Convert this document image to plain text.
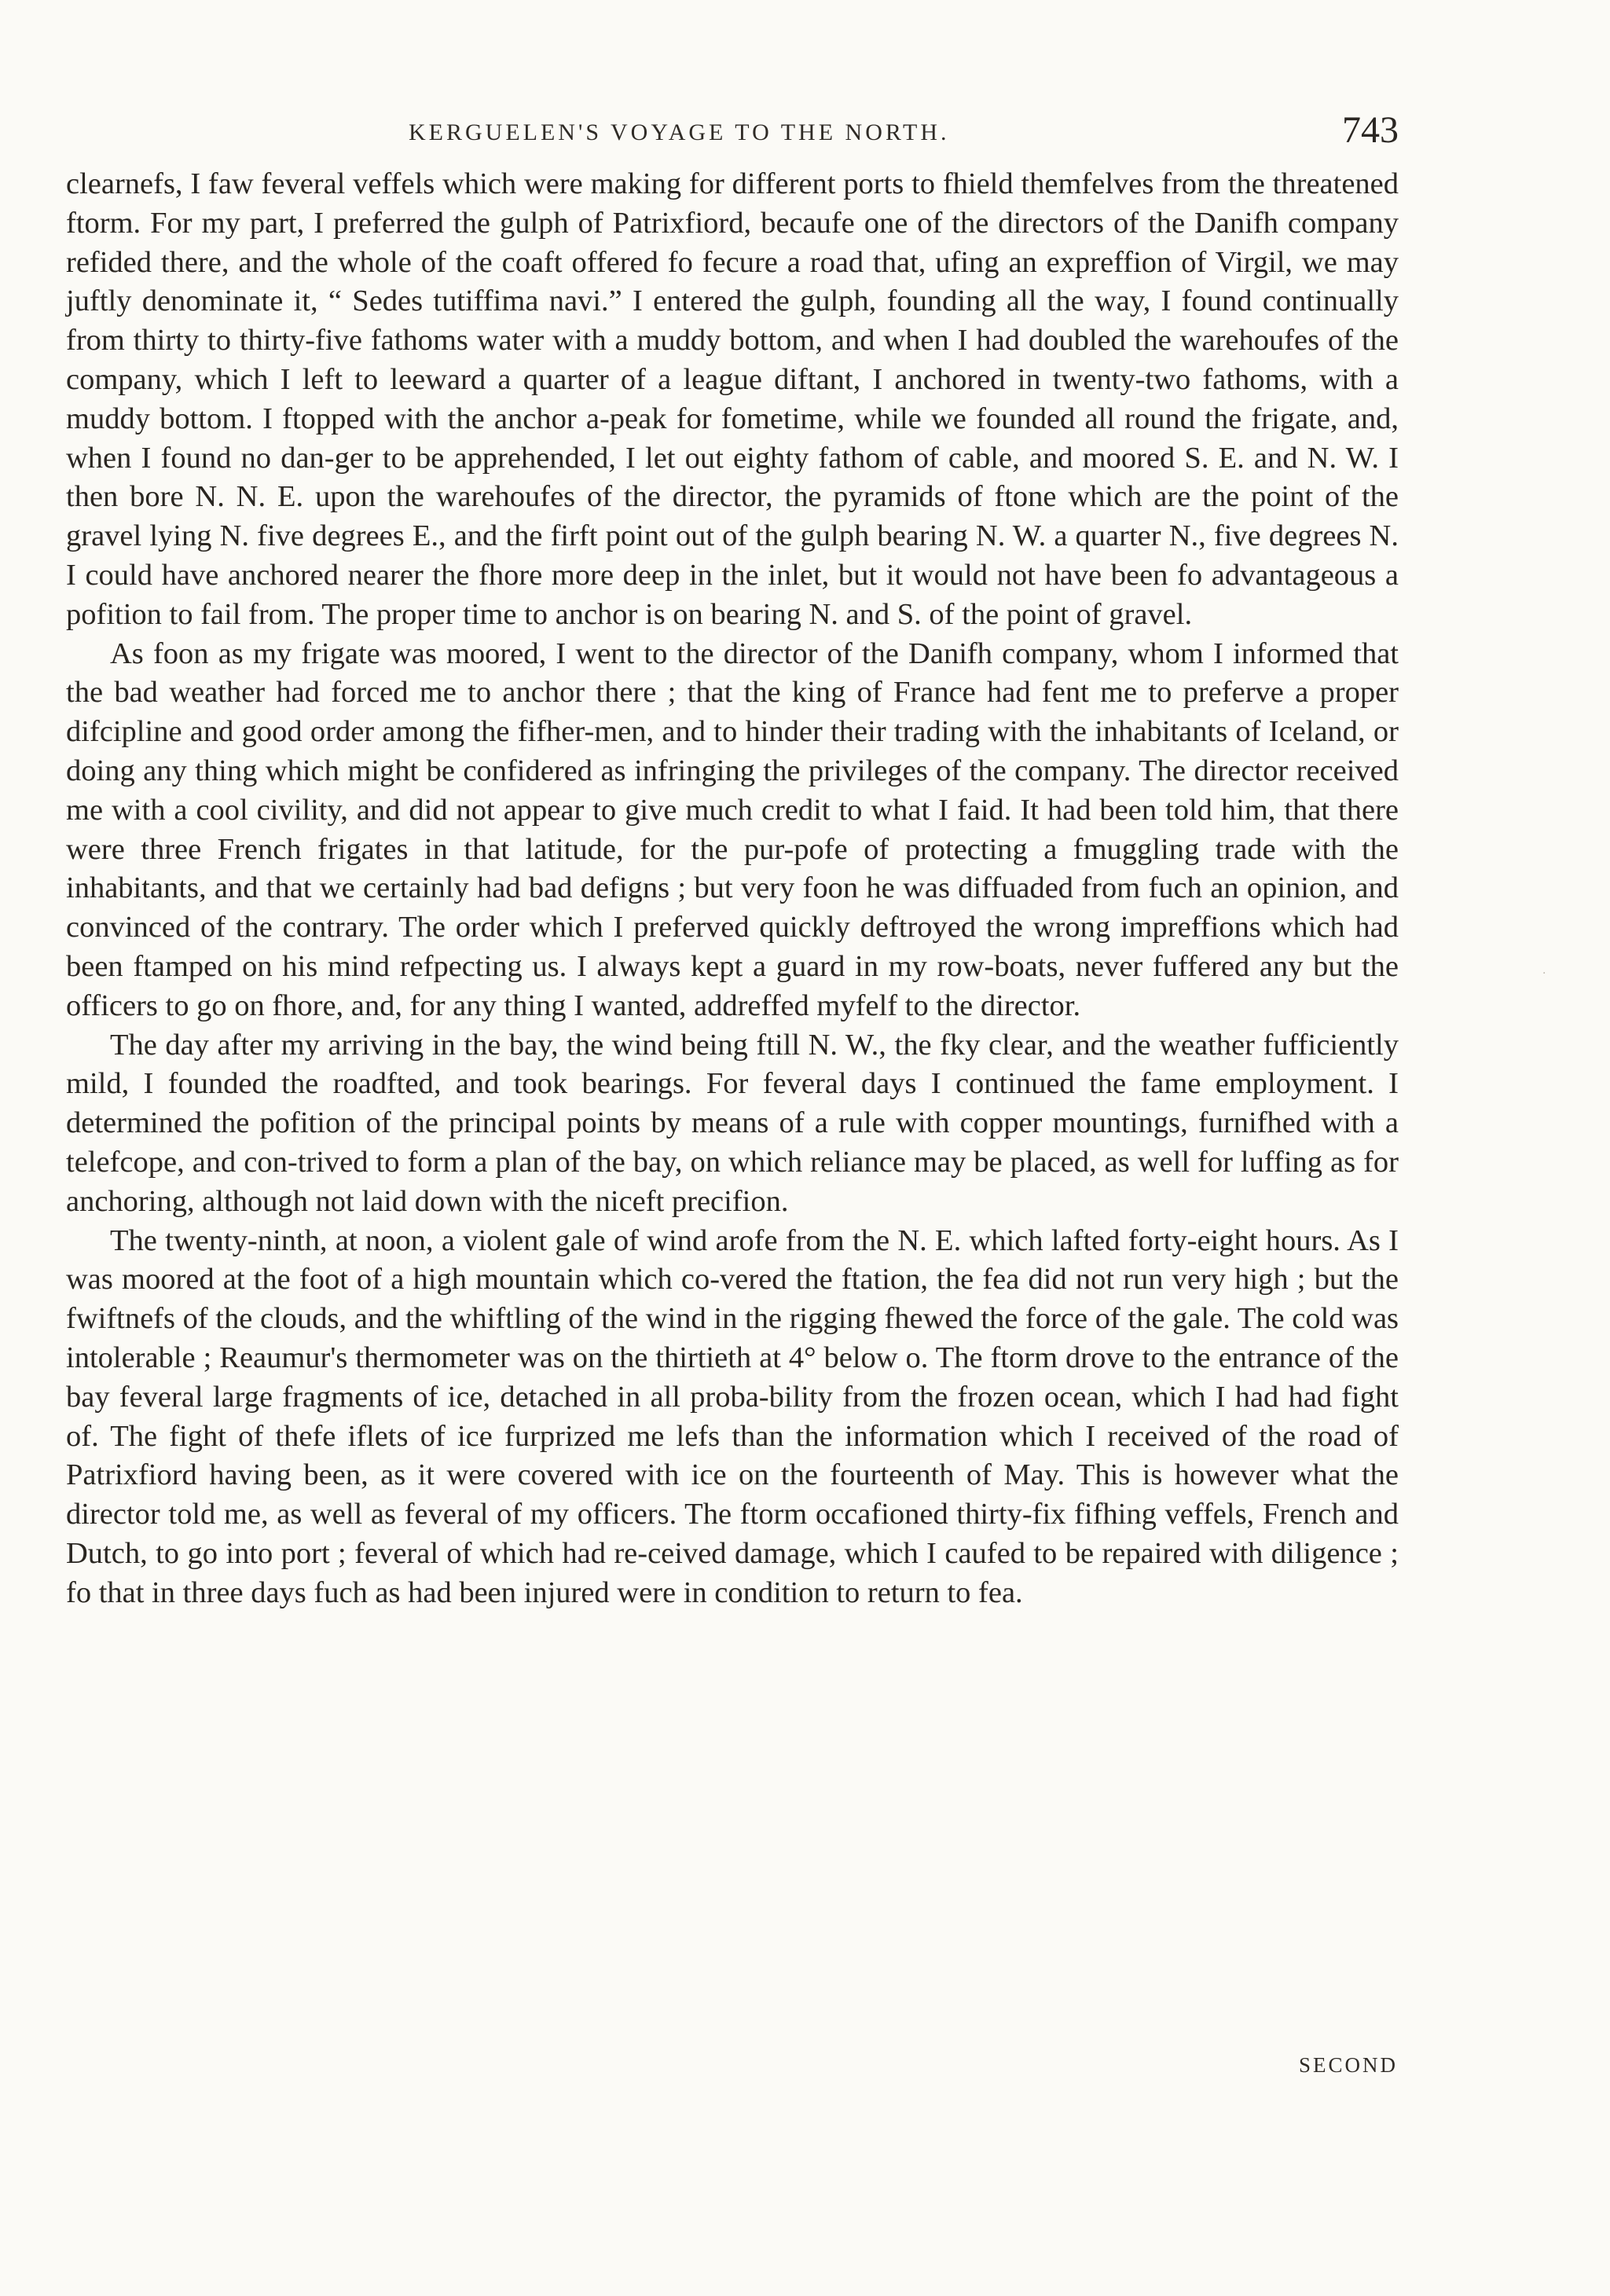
KERGUELEN'S VOYAGE TO THE NORTH.	743

clearnefs, I faw feveral veffels which were making for different ports to fhield themfelves from the threatened ftorm. For my part, I preferred the gulph of Patrixfiord, becaufe one of the directors of the Danifh company refided there, and the whole of the coaft offered fo fecure a road that, ufing an expreffion of Virgil, we may juftly denominate it, “ Sedes tutiffima navi.” I entered the gulph, founding all the way, I found continually from thirty to thirty-five fathoms water with a muddy bottom, and when I had doubled the warehoufes of the company, which I left to leeward a quarter of a league diftant, I anchored in twenty-two fathoms, with a muddy bottom. I ftopped with the anchor a-peak for fometime, while we founded all round the frigate, and, when I found no dan-ger to be apprehended, I let out eighty fathom of cable, and moored S. E. and N. W. I then bore N. N. E. upon the warehoufes of the director, the pyramids of ftone which are the point of the gravel lying N. five degrees E., and the firft point out of the gulph bearing N. W. a quarter N., five degrees N. I could have anchored nearer the fhore more deep in the inlet, but it would not have been fo advantageous a pofition to fail from. The proper time to anchor is on bearing N. and S. of the point of gravel.

As foon as my frigate was moored, I went to the director of the Danifh company, whom I informed that the bad weather had forced me to anchor there ; that the king of France had fent me to preferve a proper difcipline and good order among the fifher-men, and to hinder their trading with the inhabitants of Iceland, or doing any thing which might be confidered as infringing the privileges of the company. The director received me with a cool civility, and did not appear to give much credit to what I faid. It had been told him, that there were three French frigates in that latitude, for the pur-pofe of protecting a fmuggling trade with the inhabitants, and that we certainly had bad defigns ; but very foon he was diffuaded from fuch an opinion, and convinced of the contrary. The order which I preferved quickly deftroyed the wrong impreffions which had been ftamped on his mind refpecting us. I always kept a guard in my row-boats, never fuffered any but the officers to go on fhore, and, for any thing I wanted, addreffed myfelf to the director.

The day after my arriving in the bay, the wind being ftill N. W., the fky clear, and the weather fufficiently mild, I founded the roadfted, and took bearings. For feveral days I continued the fame employment. I determined the pofition of the principal points by means of a rule with copper mountings, furnifhed with a telefcope, and con-trived to form a plan of the bay, on which reliance may be placed, as well for luffing as for anchoring, although not laid down with the niceft precifion.

The twenty-ninth, at noon, a violent gale of wind arofe from the N. E. which lafted forty-eight hours. As I was moored at the foot of a high mountain which co-vered the ftation, the fea did not run very high ; but the fwiftnefs of the clouds, and the whiftling of the wind in the rigging fhewed the force of the gale. The cold was intolerable ; Reaumur's thermometer was on the thirtieth at 4° below o. The ftorm drove to the entrance of the bay feveral large fragments of ice, detached in all proba-bility from the frozen ocean, which I had had fight of. The fight of thefe iflets of ice furprized me lefs than the information which I received of the road of Patrixfiord having been, as it were covered with ice on the fourteenth of May. This is however what the director told me, as well as feveral of my officers. The ftorm occafioned thirty-fix fifhing veffels, French and Dutch, to go into port ; feveral of which had re-ceived damage, which I caufed to be repaired with diligence ; fo that in three days fuch as had been injured were in condition to return to fea.

·
SECOND
